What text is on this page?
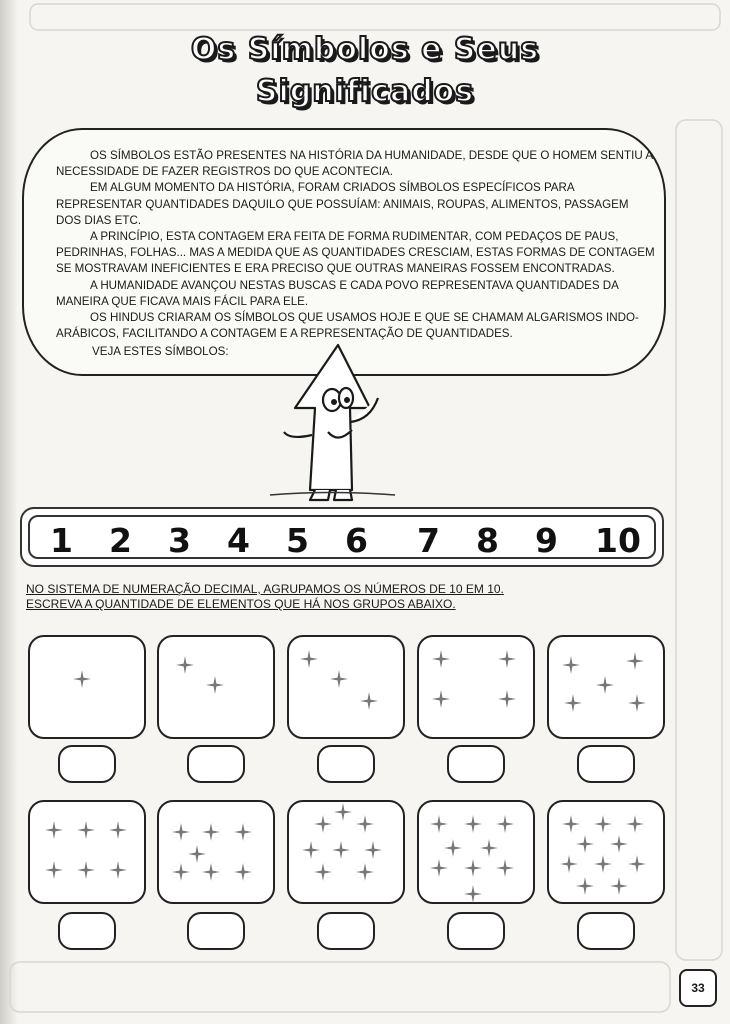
Os Símbolos e Seus
Significados

OS SÍMBOLOS ESTÃO PRESENTES NA HISTÓRIA DA HUMANIDADE, DESDE QUE O HOMEM SENTIU A NECESSIDADE DE FAZER REGISTROS DO QUE ACONTECIA.

EM ALGUM MOMENTO DA HISTÓRIA, FORAM CRIADOS SÍMBOLOS ESPECÍFICOS PARA REPRESENTAR QUANTIDADES DAQUILO QUE POSSUÍAM: ANIMAIS, ROUPAS, ALIMENTOS, PASSAGEM DOS DIAS ETC.

A PRINCÍPIO, ESTA CONTAGEM ERA FEITA DE FORMA RUDIMENTAR, COM PEDAÇOS DE PAUS, PEDRINHAS, FOLHAS... MAS A MEDIDA QUE AS QUANTIDADES CRESCIAM, ESTAS FORMAS DE CONTAGEM SE MOSTRAVAM INEFICIENTES E ERA PRECISO QUE OUTRAS MANEIRAS FOSSEM ENCONTRADAS.

A HUMANIDADE AVANÇOU NESTAS BUSCAS E CADA POVO REPRESENTAVA QUANTIDADES DA MANEIRA QUE FICAVA MAIS FÁCIL PARA ELE.

OS HINDUS CRIARAM OS SÍMBOLOS QUE USAMOS HOJE E QUE SE CHAMAM ALGARISMOS INDO-ARÁBICOS, FACILITANDO A CONTAGEM E A REPRESENTAÇÃO DE QUANTIDADES.

VEJA ESTES SÍMBOLOS:

1 2 3 4 5 6 7 8 9 10

NO SISTEMA DE NUMERAÇÃO DECIMAL, AGRUPAMOS OS NÚMEROS DE 10 EM 10.

ESCREVA A QUANTIDADE DE ELEMENTOS QUE HÁ NOS GRUPOS ABAIXO.

33
